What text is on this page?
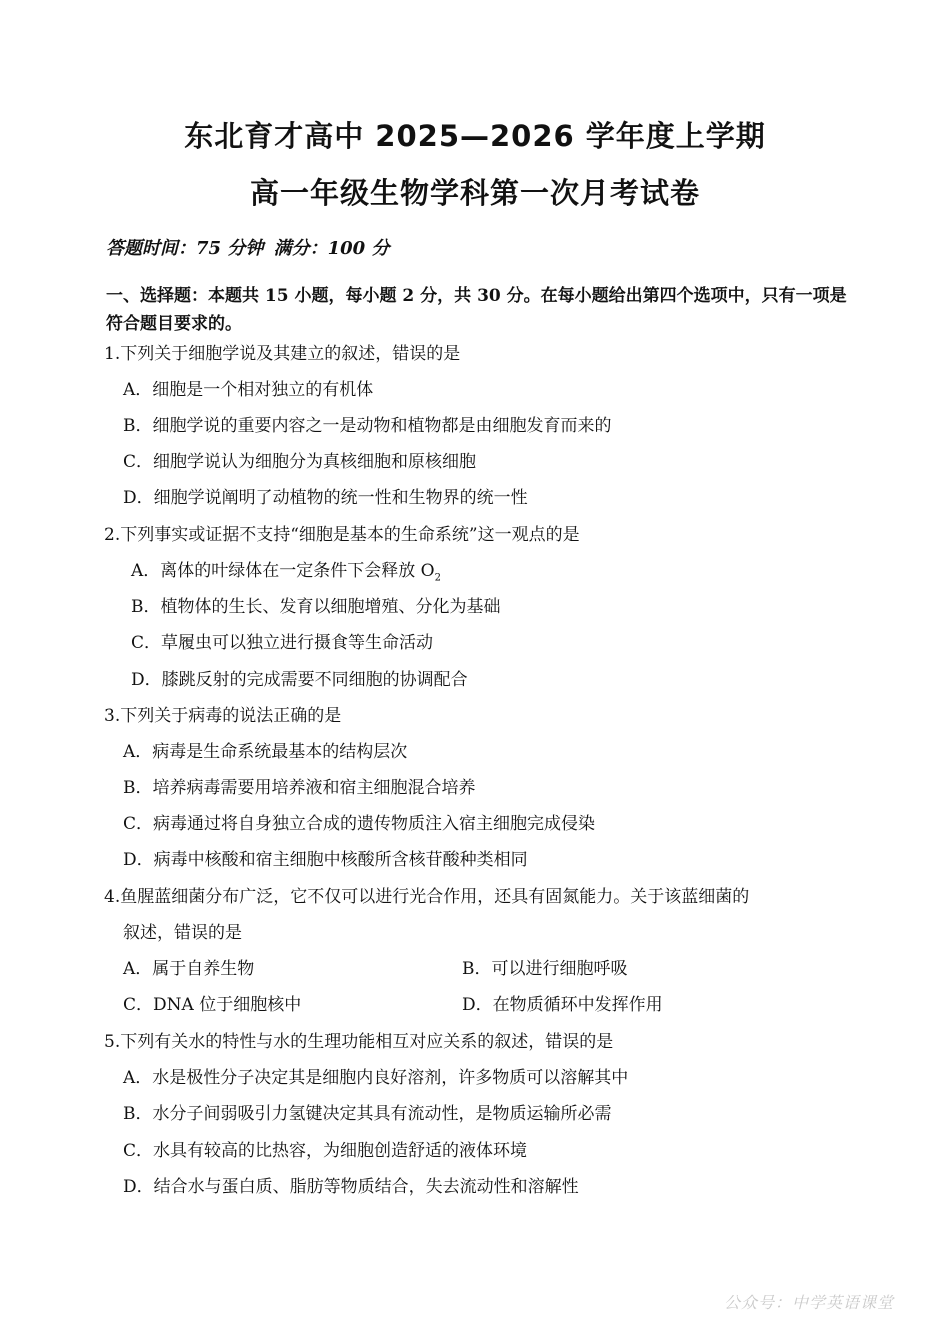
东北育才高中 2025—2026 学年度上学期
高一年级生物学科第一次月考试卷
答题时间：75 分钟 满分：100 分
一、选择题：本题共 15 小题，每小题 2 分，共 30 分。在每小题给出第四个选项中，只有一项是符合题目要求的。
1.下列关于细胞学说及其建立的叙述，错误的是
A．细胞是一个相对独立的有机体
B．细胞学说的重要内容之一是动物和植物都是由细胞发育而来的
C．细胞学说认为细胞分为真核细胞和原核细胞
D．细胞学说阐明了动植物的统一性和生物界的统一性
2.下列事实或证据不支持“细胞是基本的生命系统”这一观点的是
A．离体的叶绿体在一定条件下会释放 $O_2$
B．植物体的生长、发育以细胞增殖、分化为基础
C．草履虫可以独立进行摄食等生命活动
D．膝跳反射的完成需要不同细胞的协调配合
3.下列关于病毒的说法正确的是
A．病毒是生命系统最基本的结构层次
B．培养病毒需要用培养液和宿主细胞混合培养
C．病毒通过将自身独立合成的遗传物质注入宿主细胞完成侵染
D．病毒中核酸和宿主细胞中核酸所含核苷酸种类相同
4.鱼腥蓝细菌分布广泛，它不仅可以进行光合作用，还具有固氮能力。关于该蓝细菌的
叙述，错误的是
A．属于自养生物	B．可以进行细胞呼吸
C．DNA 位于细胞核中	D．在物质循环中发挥作用
5.下列有关水的特性与水的生理功能相互对应关系的叙述，错误的是
A．水是极性分子决定其是细胞内良好溶剂，许多物质可以溶解其中
B．水分子间弱吸引力氢键决定其具有流动性，是物质运输所必需
C．水具有较高的比热容，为细胞创造舒适的液体环境
D．结合水与蛋白质、脂肪等物质结合，失去流动性和溶解性
公众号：中学英语课堂
